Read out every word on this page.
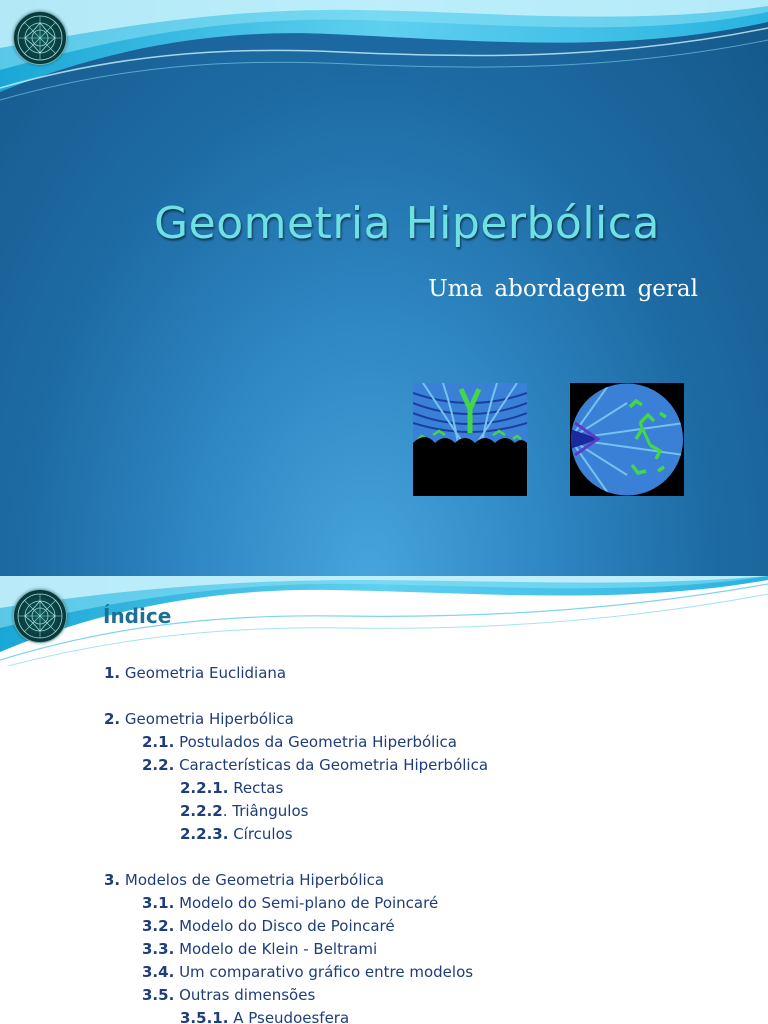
Geometria Hiperbólica
Uma abordagem geral
Índice
1. Geometria Euclidiana
2. Geometria Hiperbólica
2.1. Postulados da Geometria Hiperbólica
2.2. Características da Geometria Hiperbólica
2.2.1. Rectas
2.2.2. Triângulos
2.2.3. Círculos
3. Modelos de Geometria Hiperbólica
3.1. Modelo do Semi-plano de Poincaré
3.2. Modelo do Disco de Poincaré
3.3. Modelo de Klein - Beltrami
3.4. Um comparativo gráfico entre modelos
3.5. Outras dimensões
3.5.1. A Pseudoesfera
